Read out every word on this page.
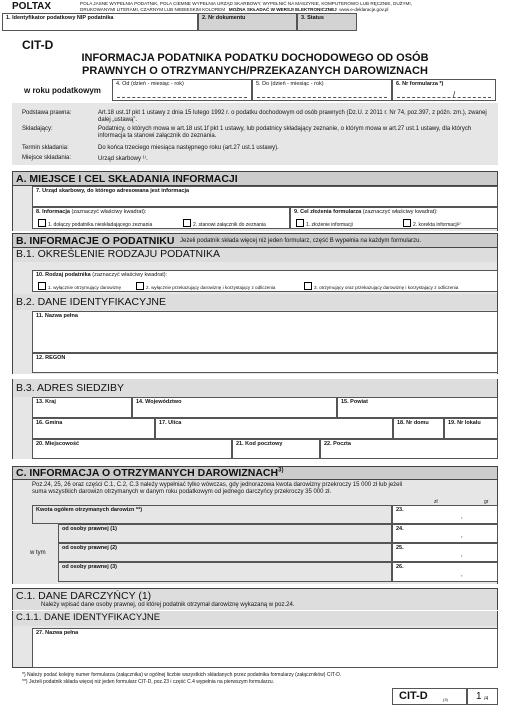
POLTAX	POLA JASNE WYPEŁNIA PODATNIK, POLA CIEMNE WYPEŁNIA URZĄD SKARBOWY. WYPEŁNIĆ NA MASZYNIE, KOMPUTEROWO LUB RĘCZNIE, DUŻYMI,
DRUKOWANYMI LITERAMI, CZARNYM LUB NIEBIESKIM KOLOREM MOŻNA SKŁADAĆ W WERSJI ELEKTRONICZNEJ www.e-deklaracje.gov.pl
1. Identyfikator podatkowy NIP podatnika	2. Nr dokumentu	3. Status
CIT-D
INFORMACJA PODATNIKA PODATKU DOCHODOWEGO OD OSÓB
PRAWNYCH O OTRZYMANYCH/PRZEKAZANYCH DAROWIZNACH
w roku podatkowym
4. Od (dzień - miesiąc - rok)	5. Do (dzień - miesiąc - rok)	6. Nr formularza *)
/
Podstawa prawna:	Art.18 ust.1f pkt 1 ustawy z dnia 15 lutego 1992 r. o podatku dochodowym od osób prawnych (Dz.U. z 2011 r. Nr 74, poz.397, z późn. zm.), zwanej dalej „ustawą”.
Składający:	Podatnicy, o których mowa w art.18 ust.1f pkt 1 ustawy, lub podatnicy składający zeznanie, o którym mowa w art.27 ust.1 ustawy, dla których informacja ta stanowi załącznik do zeznania.
Termin składania:	Do końca trzeciego miesiąca następnego roku (art.27 ust.1 ustawy).
Miejsce składania:	Urząd skarbowy ¹⁾.
A. MIEJSCE I CEL SKŁADANIA INFORMACJI
7. Urząd skarbowy, do którego adresowana jest informacja
8. Informacja (zaznaczyć właściwy kwadrat):
1. dołączy podatnika nieskładającego zeznania	2. stanowi załącznik do zeznania
9. Cel złożenia formularza (zaznaczyć właściwy kwadrat):
1. złożenie informacji	2. korekta informacji²⁾
B. INFORMACJE O PODATNIKU Jeżeli podatnik składa więcej niż jeden formularz, część B wypełnia na każdym formularzu.
B.1. OKREŚLENIE RODZAJU PODATNIKA
10. Rodzaj podatnika (zaznaczyć właściwy kwadrat):
1. wyłącznie otrzymujący darowiznę	2. wyłącznie przekazujący darowiznę i korzystający z odliczenia	3. otrzymujący oraz przekazujący darowiznę i korzystający z odliczenia
B.2. DANE IDENTYFIKACYJNE
11. Nazwa pełna
12. REGON
B.3. ADRES SIEDZIBY
13. Kraj	14. Województwo	15. Powiat
16. Gmina	17. Ulica	18. Nr domu	19. Nr lokalu
20. Miejscowość	21. Kod pocztowy	22. Poczta
C. INFORMACJA O OTRZYMANYCH DAROWIZNACH$^{3)}$
Poz.24, 25, 26 oraz części C.1, C.2, C.3 należy wypełniać tylko wówczas, gdy jednorazowa kwota darowizny przekroczy 15 000 zł lub jeżeli
suma wszystkich darowizn otrzymanych w danym roku podatkowym od jednego darczyńcy przekroczy 35 000 zł.
zł	gr
Kwota ogółem otrzymanych darowizn **)	23.
,
w tym
od osoby prawnej (1)	24.
,
od osoby prawnej (2)	25.
,
od osoby prawnej (3)	26.
,
C.1. DANE DARCZYŃCY (1)
Należy wpisać dane osoby prawnej, od której podatnik otrzymał darowiznę wykazaną w poz.24.
C.1.1. DANE IDENTYFIKACYJNE
27. Nazwa pełna
*) Należy podać kolejny numer formularza (załącznika) w ogólnej liczbie wszystkich składanych przez podatnika formularzy (załączników) CIT-D.
**) Jeżeli podatnik składa więcej niż jeden formularz CIT-D, poz.23 i część C.4 wypełnia na pierwszym formularzu.
CIT-D	(3)	1 /4
